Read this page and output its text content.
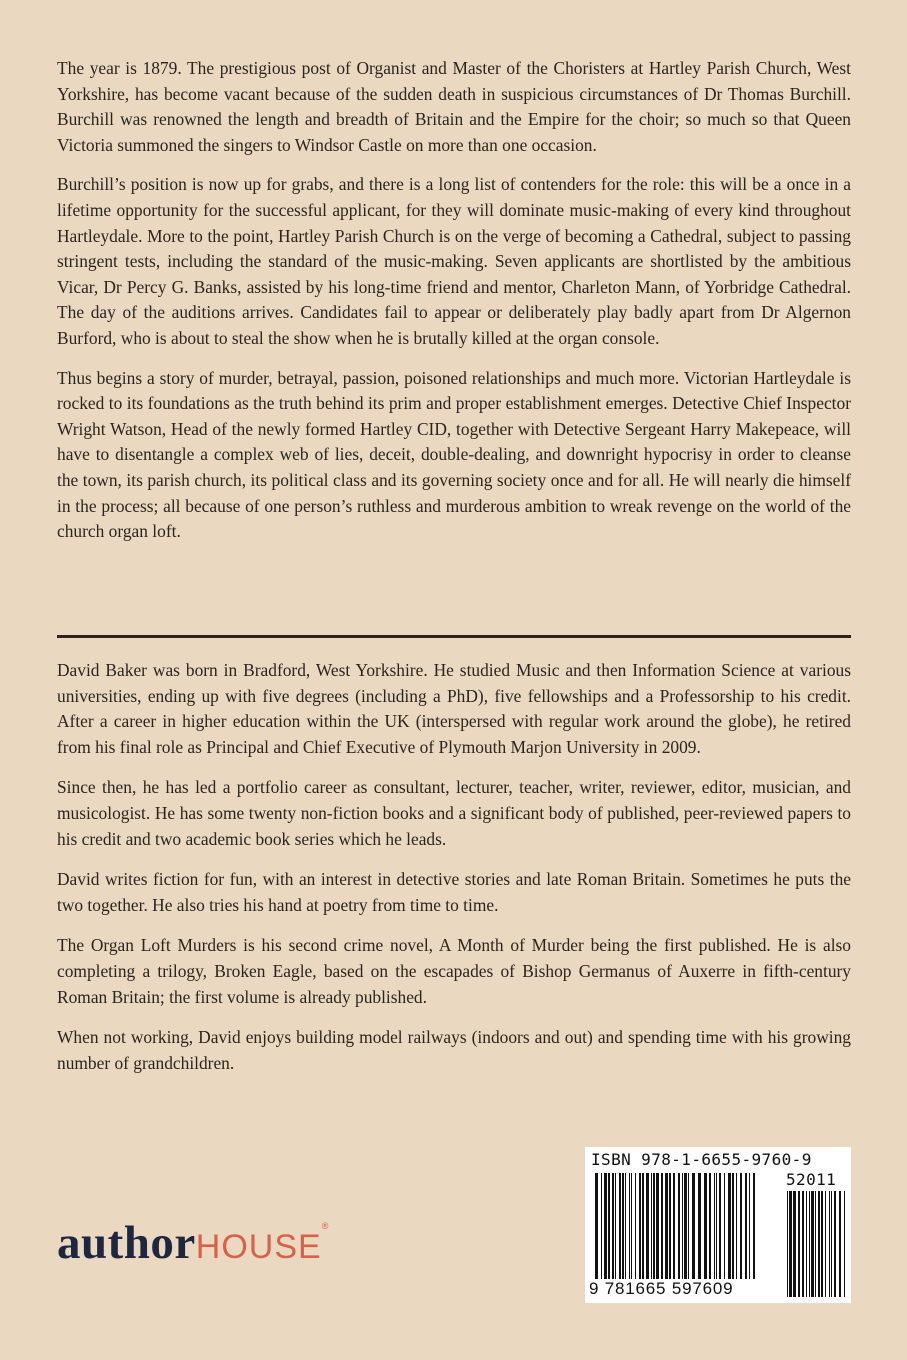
The year is 1879. The prestigious post of Organist and Master of the Choristers at Hartley Parish Church, West Yorkshire, has become vacant because of the sudden death in suspicious circumstances of Dr Thomas Burchill. Burchill was renowned the length and breadth of Britain and the Empire for the choir; so much so that Queen Victoria summoned the singers to Windsor Castle on more than one occasion.

Burchill’s position is now up for grabs, and there is a long list of contenders for the role: this will be a once in a lifetime opportunity for the successful applicant, for they will dominate music-making of every kind throughout Hartleydale. More to the point, Hartley Parish Church is on the verge of becoming a Cathedral, subject to passing stringent tests, including the standard of the music-making. Seven applicants are shortlisted by the ambitious Vicar, Dr Percy G. Banks, assisted by his long-time friend and mentor, Charleton Mann, of Yorbridge Cathedral. The day of the auditions arrives. Candidates fail to appear or deliberately play badly apart from Dr Algernon Burford, who is about to steal the show when he is brutally killed at the organ console.

Thus begins a story of murder, betrayal, passion, poisoned relationships and much more. Victorian Hartleydale is rocked to its foundations as the truth behind its prim and proper establishment emerges. Detective Chief Inspector Wright Watson, Head of the newly formed Hartley CID, together with Detective Sergeant Harry Makepeace, will have to disentangle a complex web of lies, deceit, double-dealing, and downright hypocrisy in order to cleanse the town, its parish church, its political class and its governing society once and for all. He will nearly die himself in the process; all because of one person’s ruthless and murderous ambition to wreak revenge on the world of the church organ loft.

David Baker was born in Bradford, West Yorkshire. He studied Music and then Information Science at various universities, ending up with five degrees (including a PhD), five fellowships and a Professorship to his credit. After a career in higher education within the UK (interspersed with regular work around the globe), he retired from his final role as Principal and Chief Executive of Plymouth Marjon University in 2009.

Since then, he has led a portfolio career as consultant, lecturer, teacher, writer, reviewer, editor, musician, and musicologist. He has some twenty non-fiction books and a significant body of published, peer-reviewed papers to his credit and two academic book series which he leads.

David writes fiction for fun, with an interest in detective stories and late Roman Britain. Sometimes he puts the two together. He also tries his hand at poetry from time to time.

The Organ Loft Murders is his second crime novel, A Month of Murder being the first published. He is also completing a trilogy, Broken Eagle, based on the escapades of Bishop Germanus of Auxerre in fifth-century Roman Britain; the first volume is already published.

When not working, David enjoys building model railways (indoors and out) and spending time with his growing number of grandchildren.

authorHOUSE®
ISBN 978-1-6655-9760-9
52011
9 781665 597609
